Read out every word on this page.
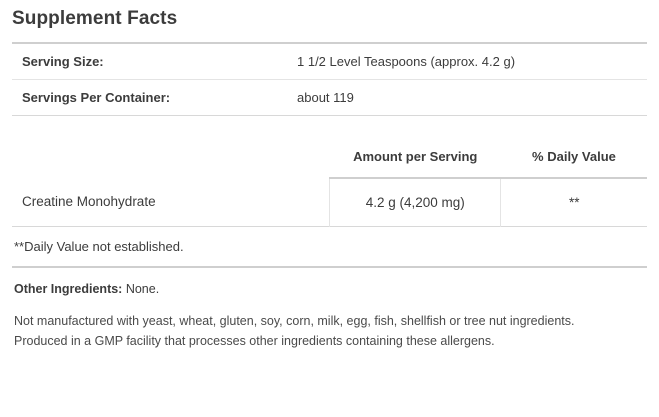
Supplement Facts
Serving Size:	1 1/2 Level Teaspoons (approx. 4.2 g)
Servings Per Container:	about 119
	Amount per Serving	% Daily Value
Creatine Monohydrate	4.2 g (4,200 mg)	**
**Daily Value not established.
Other Ingredients: None.
Not manufactured with yeast, wheat, gluten, soy, corn, milk, egg, fish, shellfish or tree nut ingredients.
Produced in a GMP facility that processes other ingredients containing these allergens.
